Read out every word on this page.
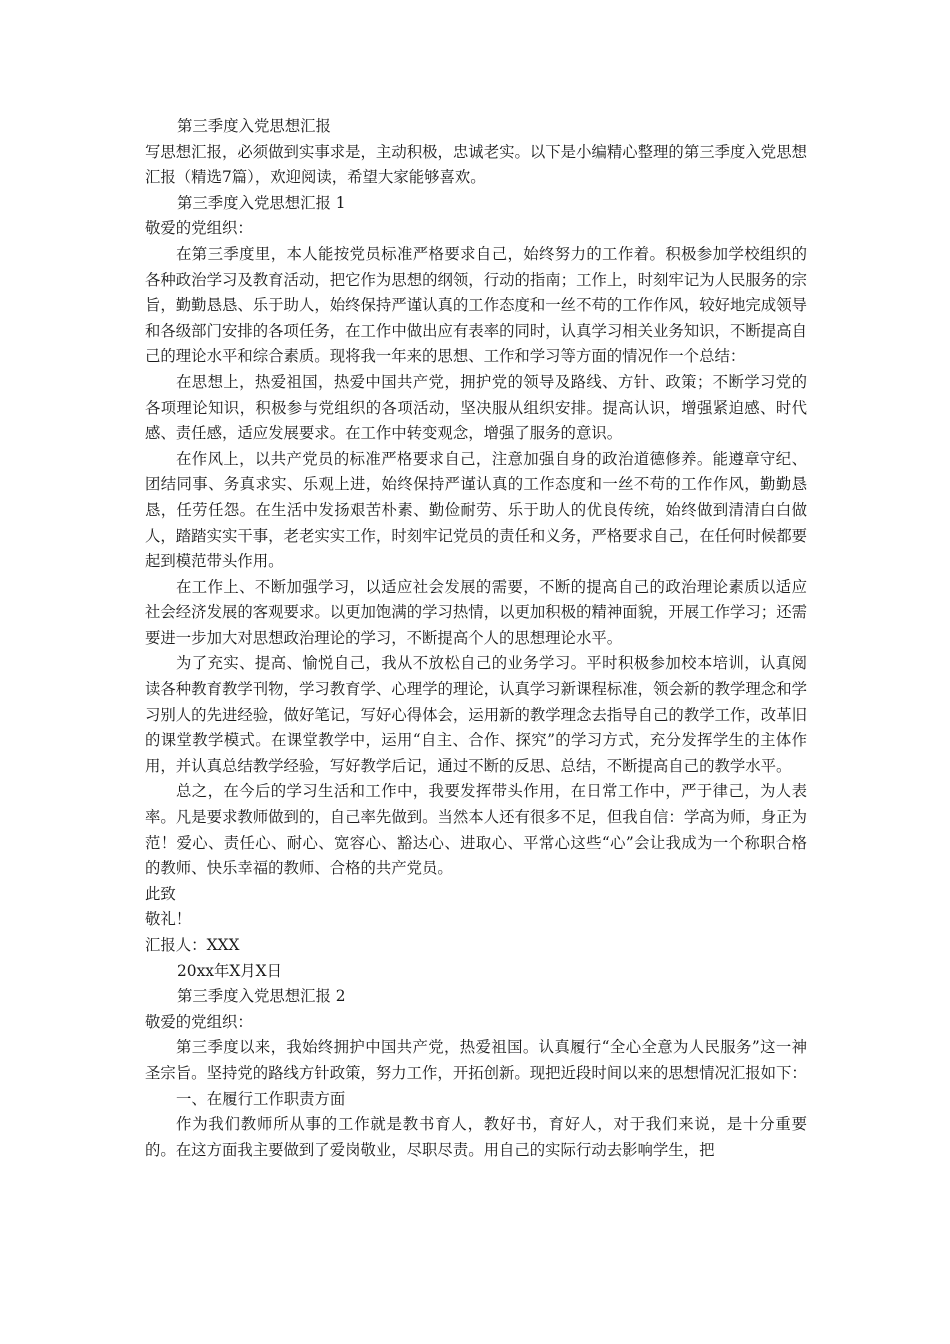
第三季度入党思想汇报

写思想汇报，必须做到实事求是，主动积极，忠诚老实。以下是小编精心整理的第三季度入党思想汇报（精选7篇），欢迎阅读，希望大家能够喜欢。

第三季度入党思想汇报 1

敬爱的党组织：

在第三季度里，本人能按党员标准严格要求自己，始终努力的工作着。积极参加学校组织的各种政治学习及教育活动，把它作为思想的纲领，行动的指南；工作上，时刻牢记为人民服务的宗旨，勤勤恳恳、乐于助人，始终保持严谨认真的工作态度和一丝不苟的工作作风，较好地完成领导和各级部门安排的各项任务，在工作中做出应有表率的同时，认真学习相关业务知识，不断提高自己的理论水平和综合素质。现将我一年来的思想、工作和学习等方面的情况作一个总结：

在思想上，热爱祖国，热爱中国共产党，拥护党的领导及路线、方针、政策；不断学习党的各项理论知识，积极参与党组织的各项活动，坚决服从组织安排。提高认识，增强紧迫感、时代感、责任感，适应发展要求。在工作中转变观念，增强了服务的意识。

在作风上，以共产党员的标准严格要求自己，注意加强自身的政治道德修养。能遵章守纪、团结同事、务真求实、乐观上进，始终保持严谨认真的工作态度和一丝不苟的工作作风，勤勤恳恳，任劳任怨。在生活中发扬艰苦朴素、勤俭耐劳、乐于助人的优良传统，始终做到清清白白做人，踏踏实实干事，老老实实工作，时刻牢记党员的责任和义务，严格要求自己，在任何时候都要起到模范带头作用。

在工作上、不断加强学习，以适应社会发展的需要，不断的提高自己的政治理论素质以适应社会经济发展的客观要求。以更加饱满的学习热情，以更加积极的精神面貌，开展工作学习；还需要进一步加大对思想政治理论的学习，不断提高个人的思想理论水平。

为了充实、提高、愉悦自己，我从不放松自己的业务学习。平时积极参加校本培训，认真阅读各种教育教学刊物，学习教育学、心理学的理论，认真学习新课程标准，领会新的教学理念和学习别人的先进经验，做好笔记，写好心得体会，运用新的教学理念去指导自己的教学工作，改革旧的课堂教学模式。在课堂教学中，运用“自主、合作、探究”的学习方式，充分发挥学生的主体作用，并认真总结教学经验，写好教学后记，通过不断的反思、总结，不断提高自己的教学水平。

总之，在今后的学习生活和工作中，我要发挥带头作用，在日常工作中，严于律己，为人表率。凡是要求教师做到的，自己率先做到。当然本人还有很多不足，但我自信：学高为师，身正为范！爱心、责任心、耐心、宽容心、豁达心、进取心、平常心这些“心”会让我成为一个称职合格的教师、快乐幸福的教师、合格的共产党员。

此致

敬礼！

汇报人：XXX

20xx年X月X日

第三季度入党思想汇报 2

敬爱的党组织：

第三季度以来，我始终拥护中国共产党，热爱祖国。认真履行“全心全意为人民服务”这一神圣宗旨。坚持党的路线方针政策，努力工作，开拓创新。现把近段时间以来的思想情况汇报如下：

一、在履行工作职责方面

作为我们教师所从事的工作就是教书育人，教好书，育好人，对于我们来说，是十分重要的。在这方面我主要做到了爱岗敬业，尽职尽责。用自己的实际行动去影响学生，把
